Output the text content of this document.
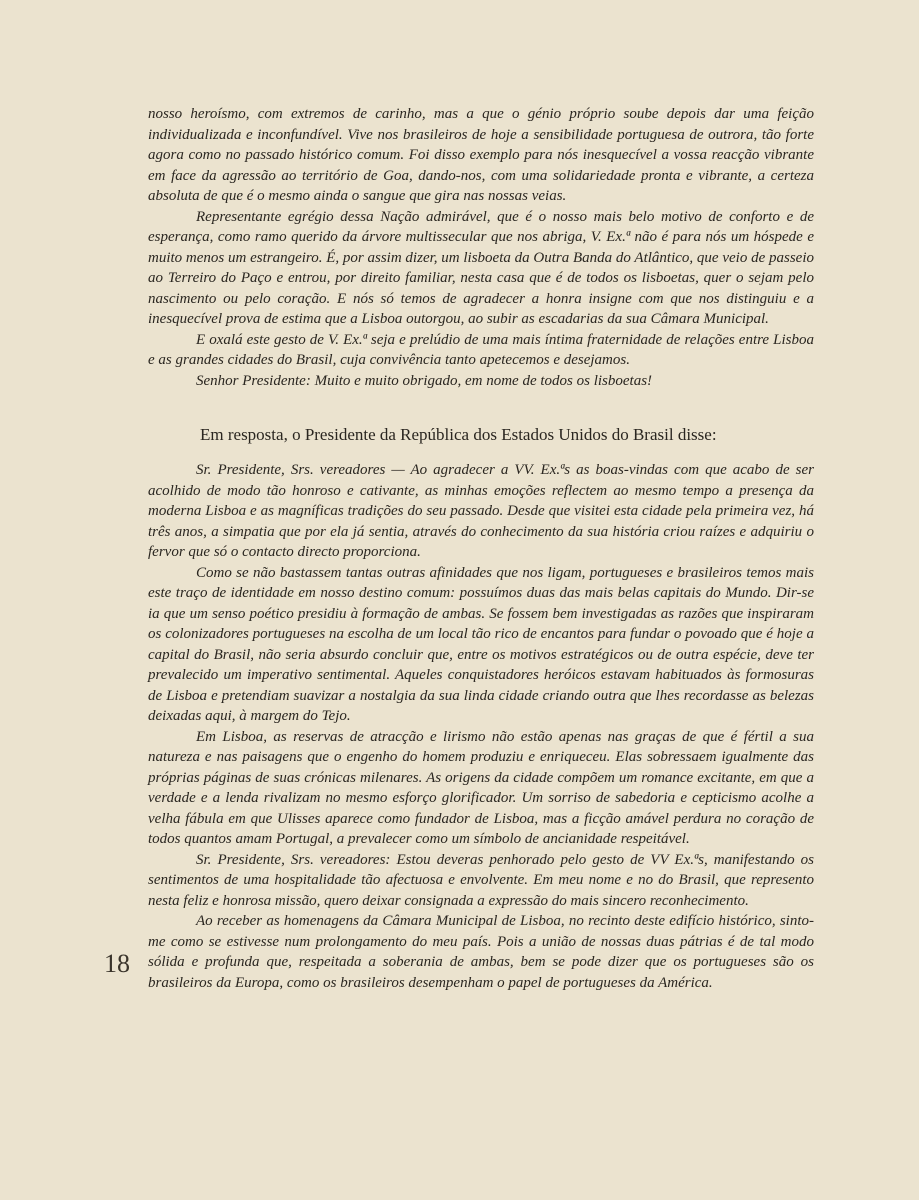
nosso heroísmo, com extremos de carinho, mas a que o génio próprio soube depois dar uma feição individualizada e inconfundível. Vive nos brasileiros de hoje a sensibilidade portuguesa de outrora, tão forte agora como no passado histórico comum. Foi disso exemplo para nós inesquecível a vossa reacção vibrante em face da agressão ao território de Goa, dando-nos, com uma solidariedade pronta e vibrante, a certeza absoluta de que é o mesmo ainda o sangue que gira nas nossas veias.

Representante egrégio dessa Nação admirável, que é o nosso mais belo motivo de conforto e de esperança, como ramo querido da árvore multissecular que nos abriga, V. Ex.ª não é para nós um hóspede e muito menos um estrangeiro. É, por assim dizer, um lisboeta da Outra Banda do Atlântico, que veio de passeio ao Terreiro do Paço e entrou, por direito familiar, nesta casa que é de todos os lisboetas, quer o sejam pelo nascimento ou pelo coração. E nós só temos de agradecer a honra insigne com que nos distinguiu e a inesquecível prova de estima que a Lisboa outorgou, ao subir as escadarias da sua Câmara Municipal.

E oxalá este gesto de V. Ex.ª seja e prelúdio de uma mais íntima fraternidade de relações entre Lisboa e as grandes cidades do Brasil, cuja convivência tanto apetecemos e desejamos.

Senhor Presidente: Muito e muito obrigado, em nome de todos os lisboetas!

Em resposta, o Presidente da República dos Estados Unidos do Brasil disse:

Sr. Presidente, Srs. vereadores — Ao agradecer a VV. Ex.ªs as boas-vindas com que acabo de ser acolhido de modo tão honroso e cativante, as minhas emoções reflectem ao mesmo tempo a presença da moderna Lisboa e as magníficas tradições do seu passado. Desde que visitei esta cidade pela primeira vez, há três anos, a simpatia que por ela já sentia, através do conhecimento da sua história criou raízes e adquiriu o fervor que só o contacto directo proporciona.

Como se não bastassem tantas outras afinidades que nos ligam, portugueses e brasileiros temos mais este traço de identidade em nosso destino comum: possuímos duas das mais belas capitais do Mundo. Dir-se ia que um senso poético presidiu à formação de ambas. Se fossem bem investigadas as razões que inspiraram os colonizadores portugueses na escolha de um local tão rico de encantos para fundar o povoado que é hoje a capital do Brasil, não seria absurdo concluir que, entre os motivos estratégicos ou de outra espécie, deve ter prevalecido um imperativo sentimental. Aqueles conquistadores heróicos estavam habituados às formosuras de Lisboa e pretendiam suavizar a nostalgia da sua linda cidade criando outra que lhes recordasse as belezas deixadas aqui, à margem do Tejo.

Em Lisboa, as reservas de atracção e lirismo não estão apenas nas graças de que é fértil a sua natureza e nas paisagens que o engenho do homem produziu e enriqueceu. Elas sobressaem igualmente das próprias páginas de suas crónicas milenares. As origens da cidade compõem um romance excitante, em que a verdade e a lenda rivalizam no mesmo esforço glorificador. Um sorriso de sabedoria e cepticismo acolhe a velha fábula em que Ulisses aparece como fundador de Lisboa, mas a ficção amável perdura no coração de todos quantos amam Portugal, a prevalecer como um símbolo de ancianidade respeitável.

Sr. Presidente, Srs. vereadores: Estou deveras penhorado pelo gesto de VV Ex.ªs, manifestando os sentimentos de uma hospitalidade tão afectuosa e envolvente. Em meu nome e no do Brasil, que represento nesta feliz e honrosa missão, quero deixar consignada a expressão do mais sincero reconhecimento.

Ao receber as homenagens da Câmara Municipal de Lisboa, no recinto deste edifício histórico, sinto-me como se estivesse num prolongamento do meu país. Pois a união de nossas duas pátrias é de tal modo sólida e profunda que, respeitada a soberania de ambas, bem se pode dizer que os portugueses são os brasileiros da Europa, como os brasileiros desempenham o papel de portugueses da América.

18
